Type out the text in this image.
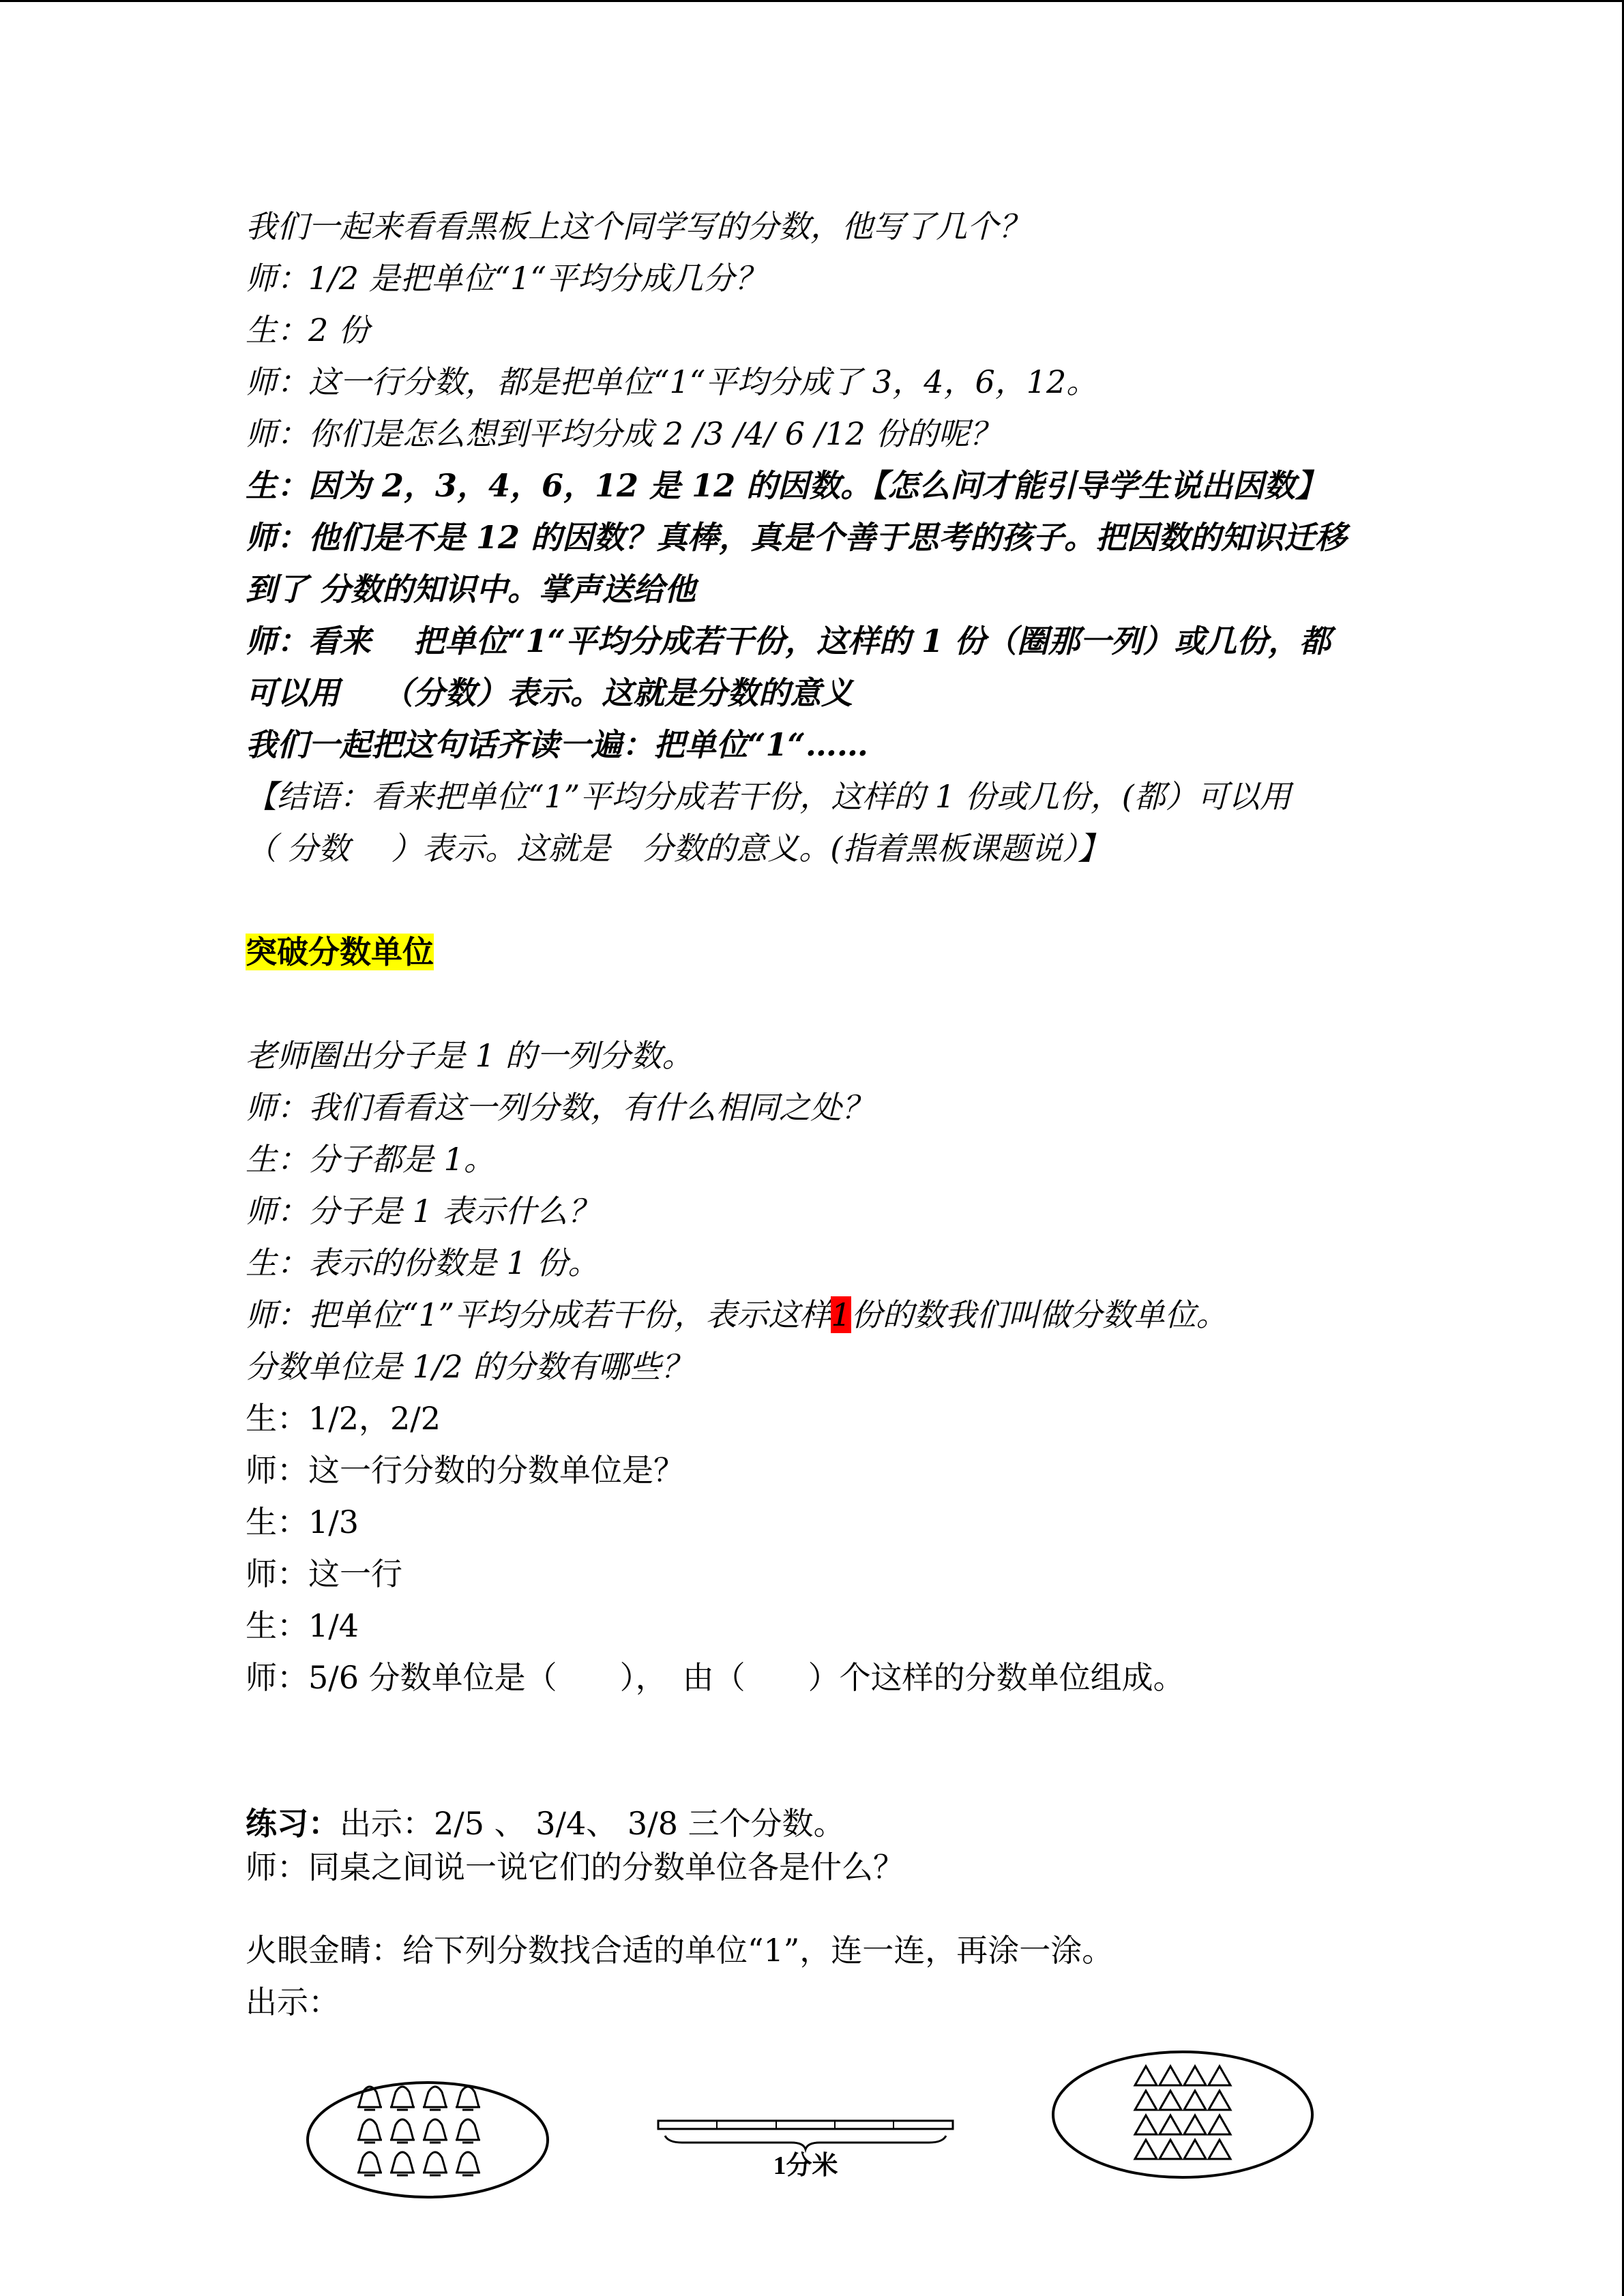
我们一起来看看黑板上这个同学写的分数，他写了几个？
师：1/2 是把单位“1“平均分成几分？
生：2 份
师：这一行分数，都是把单位“1“平均分成了 3，4，6，12。
师：你们是怎么想到平均分成 2 /3 /4/ 6 /12 份的呢？
生：因为 2，3，4，6，12 是 12 的因数。【怎么问才能引导学生说出因数】
师：他们是不是 12 的因数？真棒，真是个善于思考的孩子。把因数的知识迁移
到了 分数的知识中。掌声送给他
师：看来　 把单位“1“平均分成若干份，这样的 1 份（圈那一列）或几份，都
可以用　 （分数）表示。这就是分数的意义
我们一起把这句话齐读一遍：把单位“1“……
【结语：看来把单位“1”平均分成若干份，这样的 1 份或几份，(都）可以用
（ 分数　 ）表示。这就是　分数的意义。(指着黑板课题说）】
突破分数单位
老师圈出分子是 1 的一列分数。
师：我们看看这一列分数，有什么相同之处？
生：分子都是 1。
师：分子是 1 表示什么？
生：表示的份数是 1 份。
师：把单位“1”平均分成若干份，表示这样1份的数我们叫做分数单位。
分数单位是 1/2 的分数有哪些？
生：1/2，2/2
师：这一行分数的分数单位是？
生：1/3
师：这一行
生：1/4
师：5/6 分数单位是（　　），　由（　　）个这样的分数单位组成。
练习：出示：2/5 、 3/4、 3/8 三个分数。
师：同桌之间说一说它们的分数单位各是什么？
火眼金睛：给下列分数找合适的单位“1”，连一连，再涂一涂。
出示：
1分米
